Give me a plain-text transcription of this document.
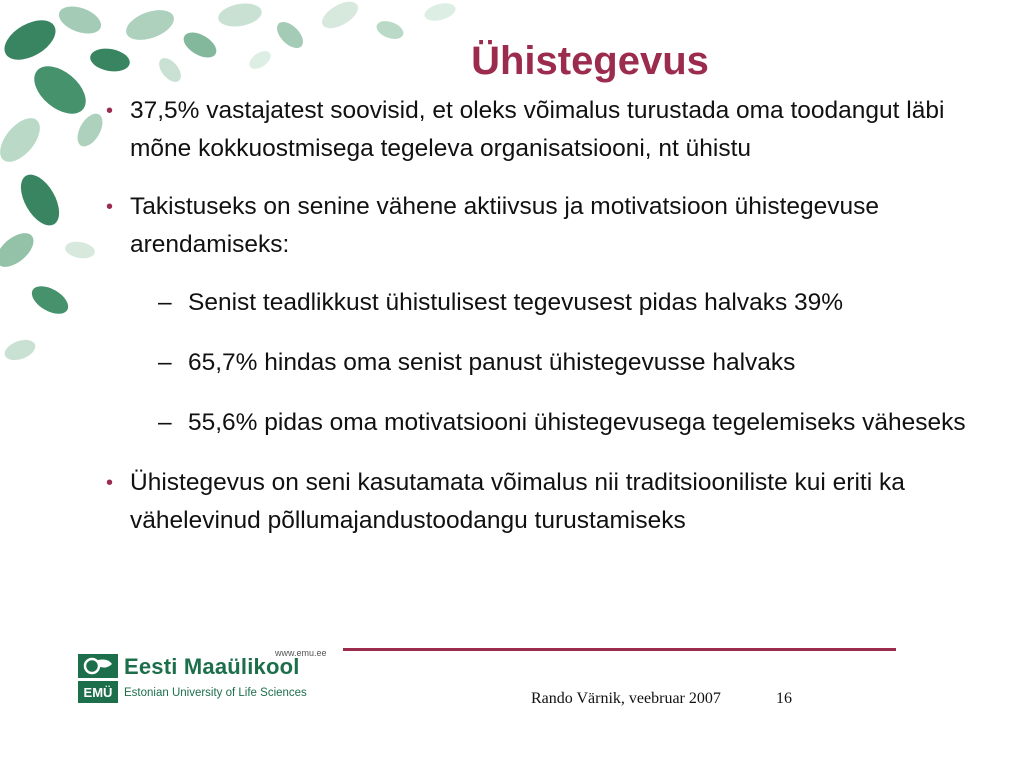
Ühistegevus
• 37,5% vastajatest soovisid, et oleks võimalus turustada oma toodangut läbi mõne kokkuostmisega tegeleva organisatsiooni, nt ühistu
• Takistuseks on senine vähene aktiivsus ja motivatsioon ühistegevuse arendamiseks:
– Senist teadlikkust ühistulisest tegevusest pidas halvaks 39%
– 65,7% hindas oma senist panust ühistegevusse halvaks
– 55,6% pidas oma motivatsiooni ühistegevusega tegelemiseks väheseks
• Ühistegevus on seni kasutamata võimalus nii traditsiooniliste kui eriti ka vähelevinud põllumajandustoodangu turustamiseks
EMÜ
www.emu.ee
Eesti Maaülikool
Estonian University of Life Sciences	Rando Värnik, veebruar 2007	16
